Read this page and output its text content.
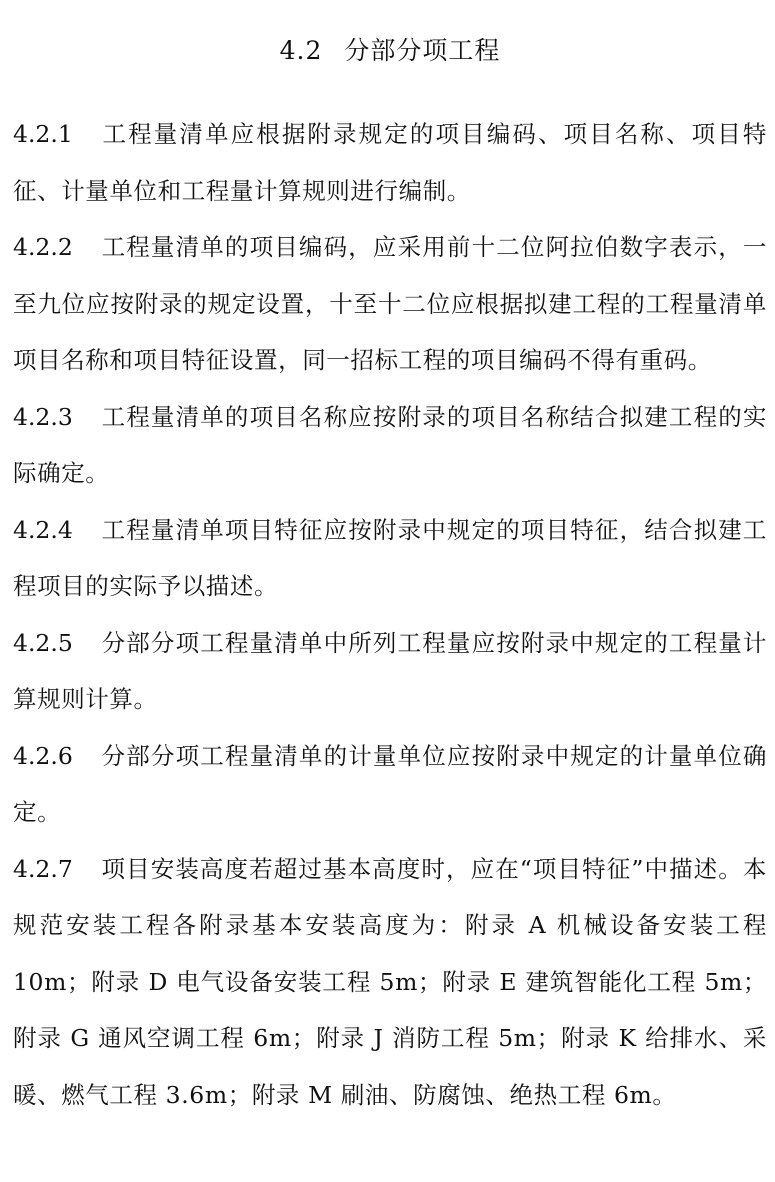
4.2 分部分项工程

4.2.1 工程量清单应根据附录规定的项目编码、项目名称、项目特征、计量单位和工程量计算规则进行编制。

4.2.2 工程量清单的项目编码，应采用前十二位阿拉伯数字表示，一至九位应按附录的规定设置，十至十二位应根据拟建工程的工程量清单项目名称和项目特征设置，同一招标工程的项目编码不得有重码。

4.2.3 工程量清单的项目名称应按附录的项目名称结合拟建工程的实际确定。

4.2.4 工程量清单项目特征应按附录中规定的项目特征，结合拟建工程项目的实际予以描述。

4.2.5 分部分项工程量清单中所列工程量应按附录中规定的工程量计算规则计算。

4.2.6 分部分项工程量清单的计量单位应按附录中规定的计量单位确定。

4.2.7 项目安装高度若超过基本高度时，应在“项目特征”中描述。本规范安装工程各附录基本安装高度为：附录 A 机械设备安装工程 10m；附录 D 电气设备安装工程 5m；附录 E 建筑智能化工程 5m；附录 G 通风空调工程 6m；附录 J 消防工程 5m；附录 K 给排水、采暖、燃气工程 3.6m；附录 M 刷油、防腐蚀、绝热工程 6m。
